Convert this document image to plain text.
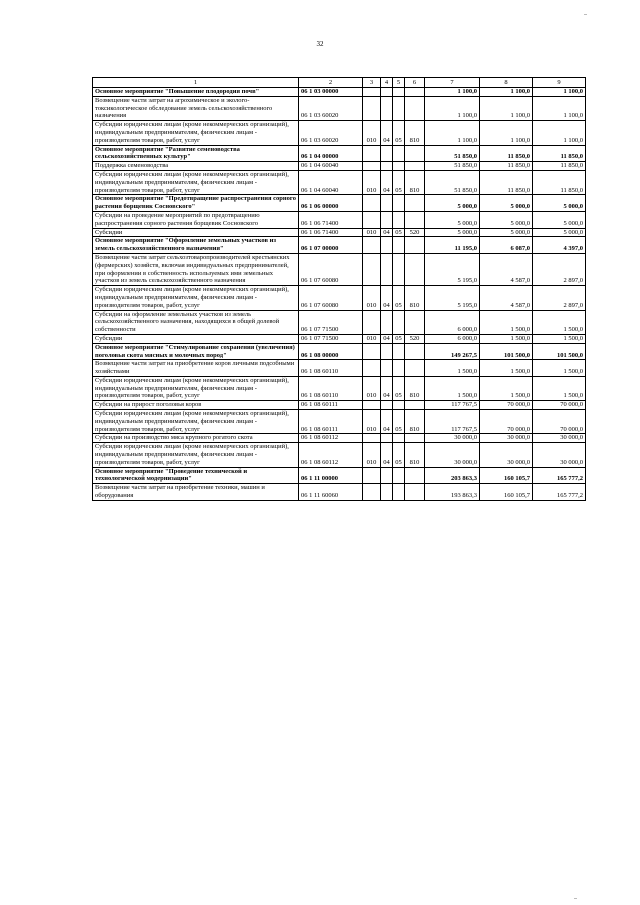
32
1	2	3	4	5	6	7	8	9
Основное мероприятие "Повышение плодородия почв"	06 1 03 00000					1 100,0	1 100,0	1 100,0
Возмещение части затрат на агрохимическое и эколого-токсикологическое обследование земель сельскохозяйственного назначения	06 1 03 60020					1 100,0	1 100,0	1 100,0
Субсидии юридическим лицам (кроме некоммерческих организаций), индивидуальным предпринимателям, физическим лицам - производителям товаров, работ, услуг	06 1 03 60020	010	04	05	810	1 100,0	1 100,0	1 100,0
Основное мероприятие "Развитие семеноводства сельскохозяйственных культур"	06 1 04 00000					51 850,0	11 850,0	11 850,0
Поддержка семеноводства	06 1 04 60040					51 850,0	11 850,0	11 850,0
Субсидии юридическим лицам (кроме некоммерческих организаций), индивидуальным предпринимателям, физическим лицам - производителям товаров, работ, услуг	06 1 04 60040	010	04	05	810	51 850,0	11 850,0	11 850,0
Основное мероприятие "Предотвращение распространения сорного растения борщевик Сосновского"	06 1 06 00000					5 000,0	5 000,0	5 000,0
Субсидии на проведение мероприятий по предотвращению распространения сорного растения борщевик Сосновского	06 1 06 71400					5 000,0	5 000,0	5 000,0
Субсидии	06 1 06 71400	010	04	05	520	5 000,0	5 000,0	5 000,0
Основное мероприятие "Оформление земельных участков из земель сельскохозяйственного назначения"	06 1 07 00000					11 195,0	6 087,0	4 397,0
Возмещение части затрат сельхозтоваропроизводителей крестьянских (фермерских) хозяйств, включая индивидуальных предпринимателей, при оформлении в собственность используемых ими земельных участков из земель сельскохозяйственного назначения	06 1 07 60080					5 195,0	4 587,0	2 897,0
Субсидии юридическим лицам (кроме некоммерческих организаций), индивидуальным предпринимателям, физическим лицам - производителям товаров, работ, услуг	06 1 07 60080	010	04	05	810	5 195,0	4 587,0	2 897,0
Субсидии на оформление земельных участков из земель сельскохозяйственного назначения, находящихся в общей долевой собственности	06 1 07 71500					6 000,0	1 500,0	1 500,0
Субсидии	06 1 07 71500	010	04	05	520	6 000,0	1 500,0	1 500,0
Основное мероприятие "Стимулирование сохранения (увеличения) поголовья скота мясных и молочных пород"	06 1 08 00000					149 267,5	101 500,0	101 500,0
Возмещение части затрат на приобретение коров личными подсобными хозяйствами	06 1 08 60110					1 500,0	1 500,0	1 500,0
Субсидии юридическим лицам (кроме некоммерческих организаций), индивидуальным предпринимателям, физическим лицам - производителям товаров, работ, услуг	06 1 08 60110	010	04	05	810	1 500,0	1 500,0	1 500,0
Субсидии на прирост поголовья коров	06 1 08 60111					117 767,5	70 000,0	70 000,0
Субсидии юридическим лицам (кроме некоммерческих организаций), индивидуальным предпринимателям, физическим лицам - производителям товаров, работ, услуг	06 1 08 60111	010	04	05	810	117 767,5	70 000,0	70 000,0
Субсидии на производство мяса крупного рогатого скота	06 1 08 60112					30 000,0	30 000,0	30 000,0
Субсидии юридическим лицам (кроме некоммерческих организаций), индивидуальным предпринимателям, физическим лицам - производителям товаров, работ, услуг	06 1 08 60112	010	04	05	810	30 000,0	30 000,0	30 000,0
Основное мероприятие "Проведение технической и технологической модернизации"	06 1 11 00000					203 863,3	160 105,7	165 777,2
Возмещение части затрат на приобретение техники, машин и оборудования	06 1 11 60060					193 863,3	160 105,7	165 777,2
